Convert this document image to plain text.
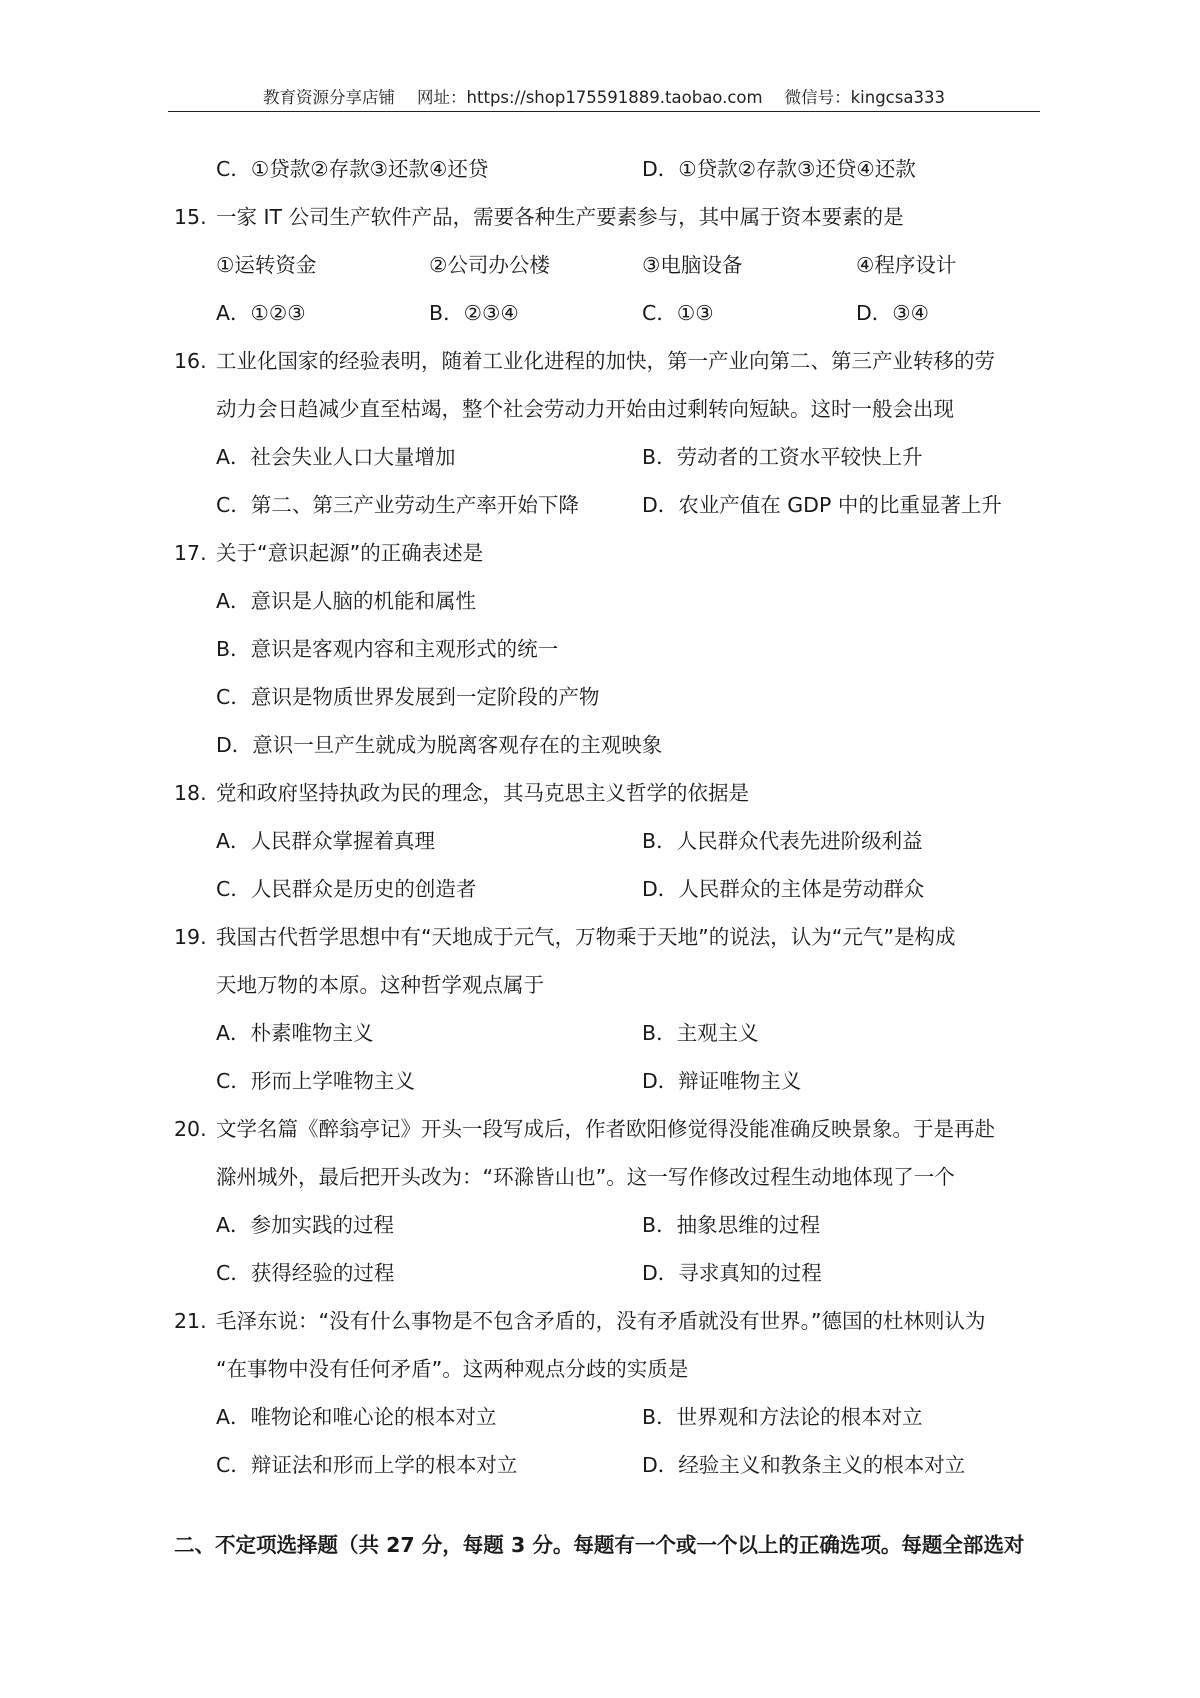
教育资源分享店铺 网址：https://shop175591889.taobao.com 微信号：kingcsa333
C．①贷款②存款③还款④还贷	D．①贷款②存款③还贷④还款
15. 一家 IT 公司生产软件产品，需要各种生产要素参与，其中属于资本要素的是
①运转资金	②公司办公楼	③电脑设备	④程序设计
A．①②③	B．②③④	C．①③	D．③④
16. 工业化国家的经验表明，随着工业化进程的加快，第一产业向第二、第三产业转移的劳
动力会日趋减少直至枯竭，整个社会劳动力开始由过剩转向短缺。这时一般会出现
A．社会失业人口大量增加	B．劳动者的工资水平较快上升
C．第二、第三产业劳动生产率开始下降	D．农业产值在 GDP 中的比重显著上升
17. 关于“意识起源”的正确表述是
A．意识是人脑的机能和属性
B．意识是客观内容和主观形式的统一
C．意识是物质世界发展到一定阶段的产物
D．意识一旦产生就成为脱离客观存在的主观映象
18. 党和政府坚持执政为民的理念，其马克思主义哲学的依据是
A．人民群众掌握着真理	B．人民群众代表先进阶级利益
C．人民群众是历史的创造者	D．人民群众的主体是劳动群众
19. 我国古代哲学思想中有“天地成于元气，万物乘于天地”的说法，认为“元气”是构成
天地万物的本原。这种哲学观点属于
A．朴素唯物主义	B．主观主义
C．形而上学唯物主义	D．辩证唯物主义
20. 文学名篇《醉翁亭记》开头一段写成后，作者欧阳修觉得没能准确反映景象。于是再赴
滁州城外，最后把开头改为：“环滁皆山也”。这一写作修改过程生动地体现了一个
A．参加实践的过程	B．抽象思维的过程
C．获得经验的过程	D．寻求真知的过程
21. 毛泽东说：“没有什么事物是不包含矛盾的，没有矛盾就没有世界。”德国的杜林则认为
“在事物中没有任何矛盾”。这两种观点分歧的实质是
A．唯物论和唯心论的根本对立	B．世界观和方法论的根本对立
C．辩证法和形而上学的根本对立	D．经验主义和教条主义的根本对立
二、不定项选择题（共 27 分，每题 3 分。每题有一个或一个以上的正确选项。每题全部选对
